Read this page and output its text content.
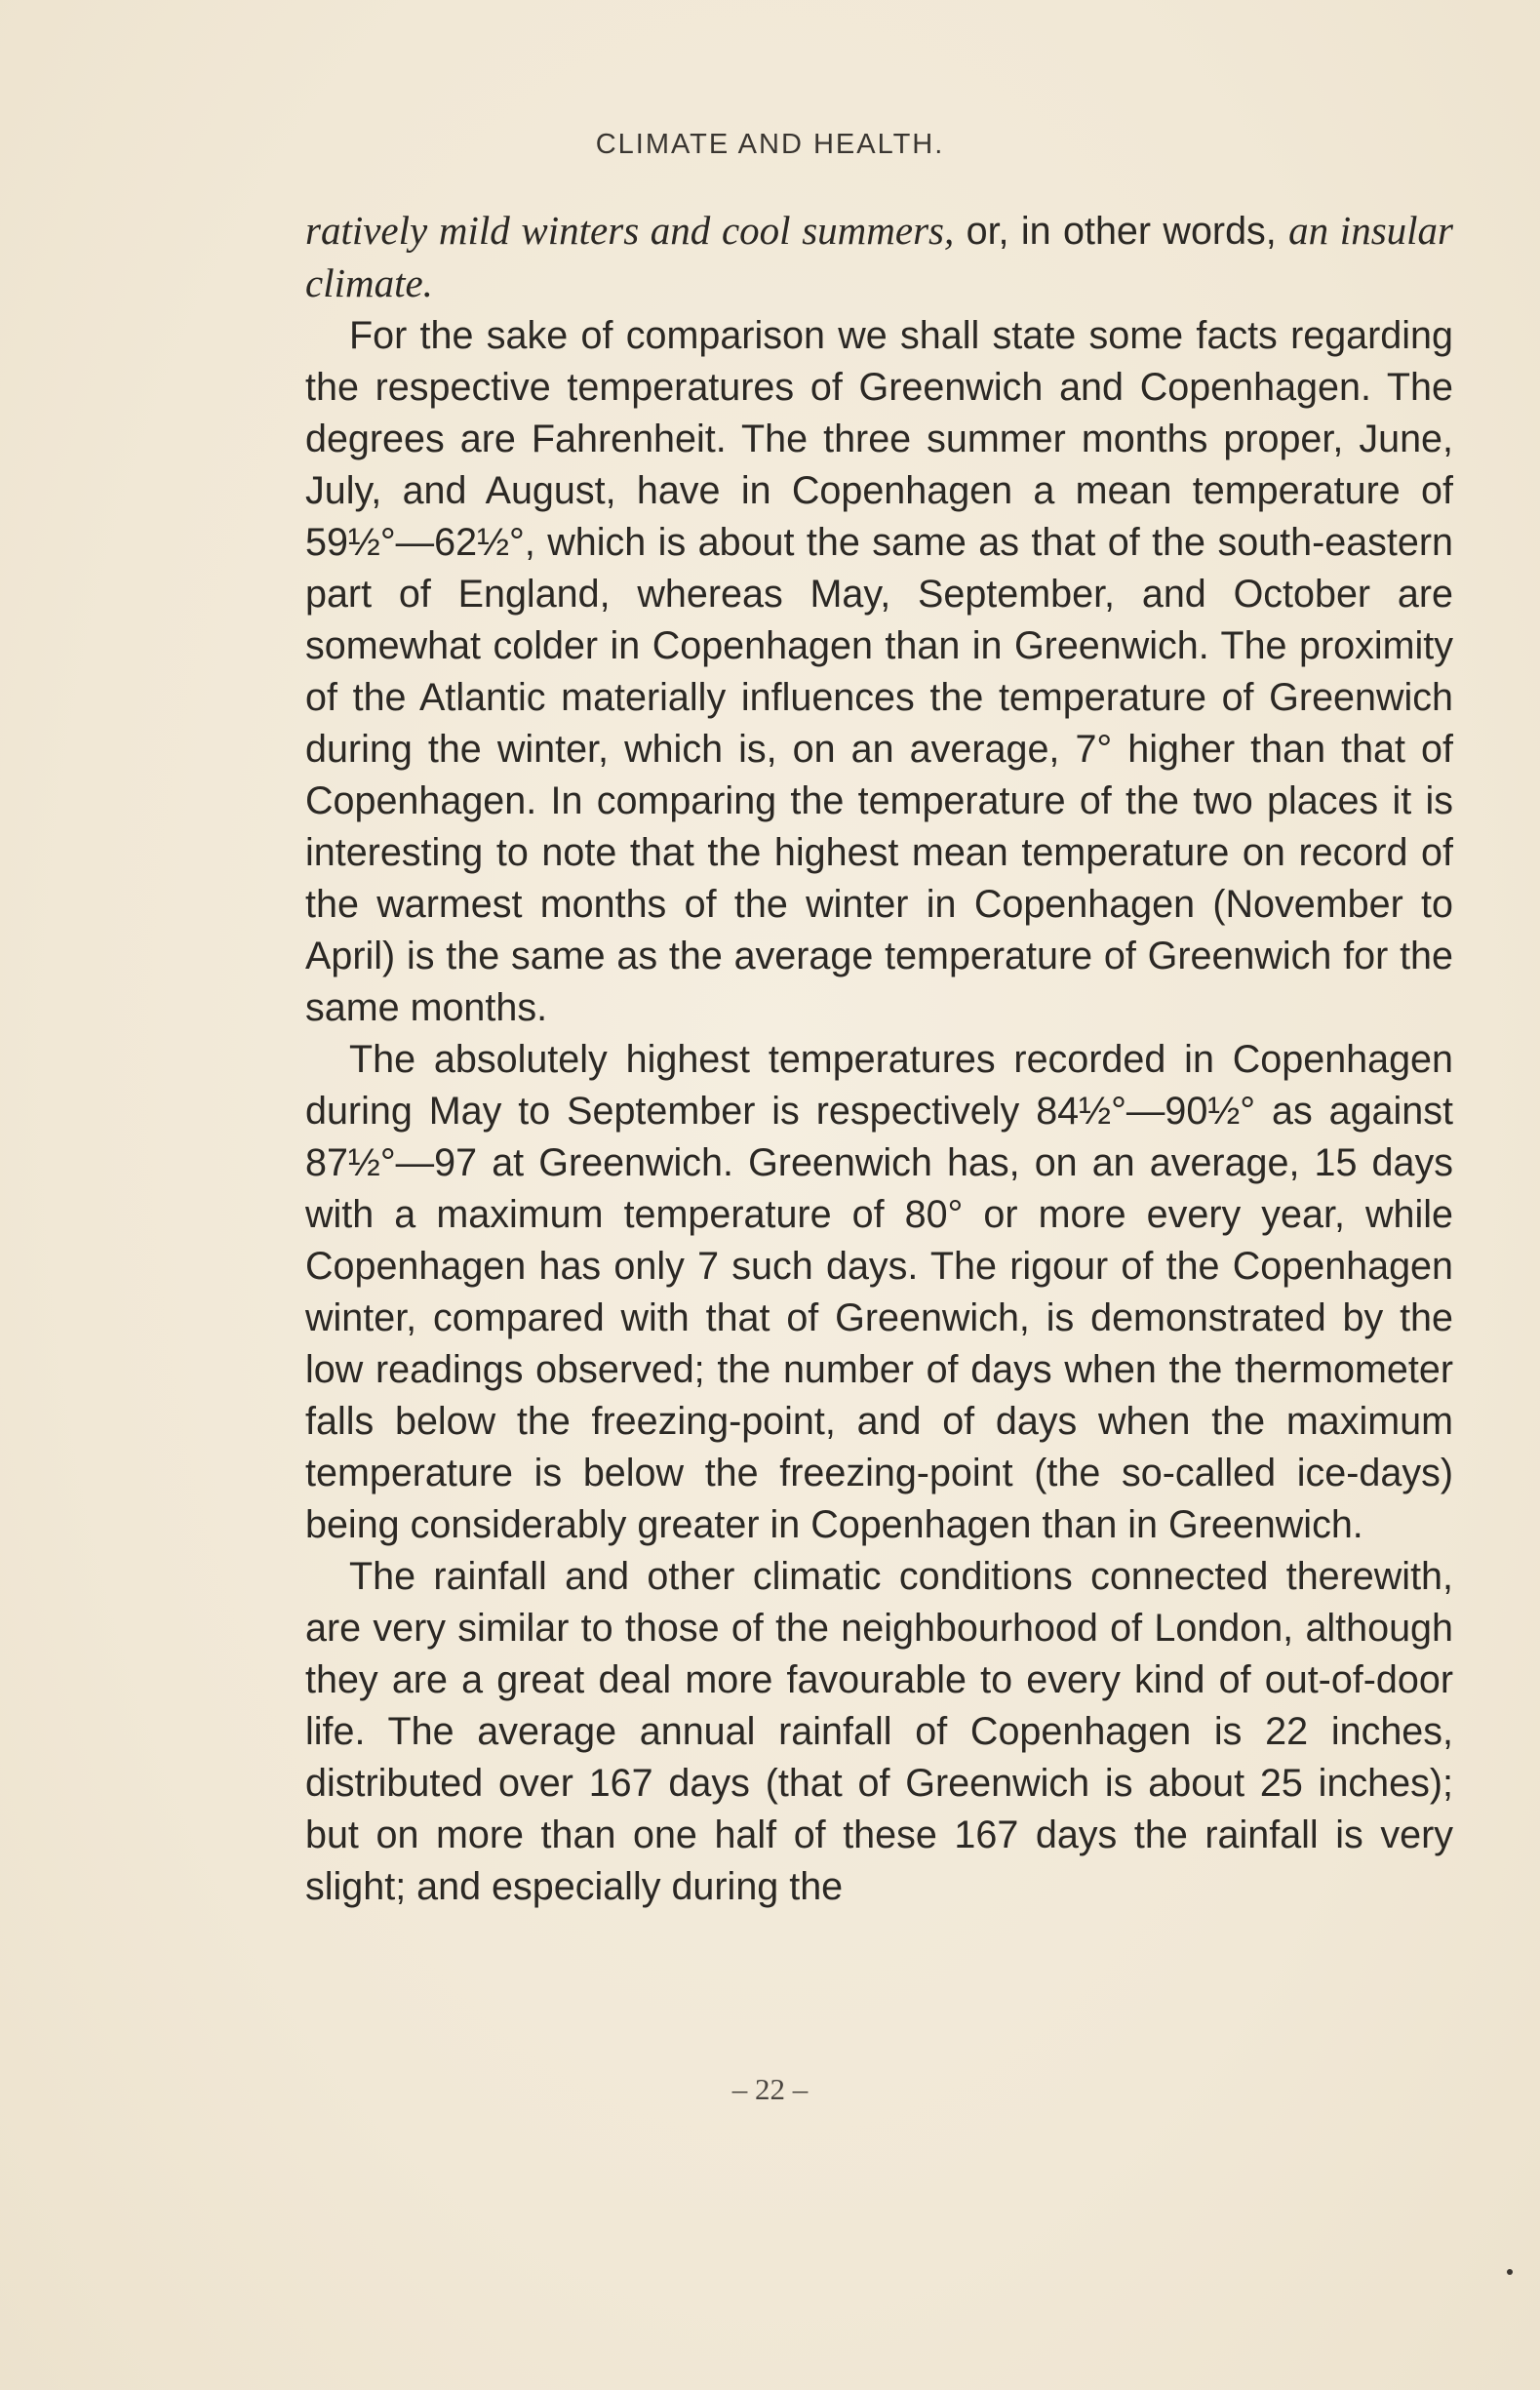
CLIMATE AND HEALTH.

ratively mild winters and cool summers, or, in other words, an insular climate.

For the sake of comparison we shall state some facts regarding the respective temperatures of Greenwich and Copenhagen. The degrees are Fahrenheit. The three summer months proper, June, July, and August, have in Copenhagen a mean temperature of 59½°—62½°, which is about the same as that of the south-eastern part of England, whereas May, September, and October are somewhat colder in Copenhagen than in Greenwich. The proximity of the Atlantic materially influences the temperature of Greenwich during the winter, which is, on an average, 7° higher than that of Copenhagen. In comparing the temperature of the two places it is interesting to note that the highest mean temperature on record of the warmest months of the winter in Copenhagen (November to April) is the same as the average temperature of Greenwich for the same months.

The absolutely highest temperatures recorded in Copenhagen during May to September is respectively 84½°—90½° as against 87½°—97 at Greenwich. Greenwich has, on an average, 15 days with a maximum temperature of 80° or more every year, while Copenhagen has only 7 such days. The rigour of the Copenhagen winter, compared with that of Greenwich, is demonstrated by the low readings observed; the number of days when the thermometer falls below the freezing-point, and of days when the maximum temperature is below the freezing-point (the so-called ice-days) being considerably greater in Copenhagen than in Greenwich.

The rainfall and other climatic conditions connected therewith, are very similar to those of the neighbourhood of London, although they are a great deal more favourable to every kind of out-of-door life. The average annual rainfall of Copenhagen is 22 inches, distributed over 167 days (that of Greenwich is about 25 inches); but on more than one half of these 167 days the rainfall is very slight; and especially during the

– 22 –
